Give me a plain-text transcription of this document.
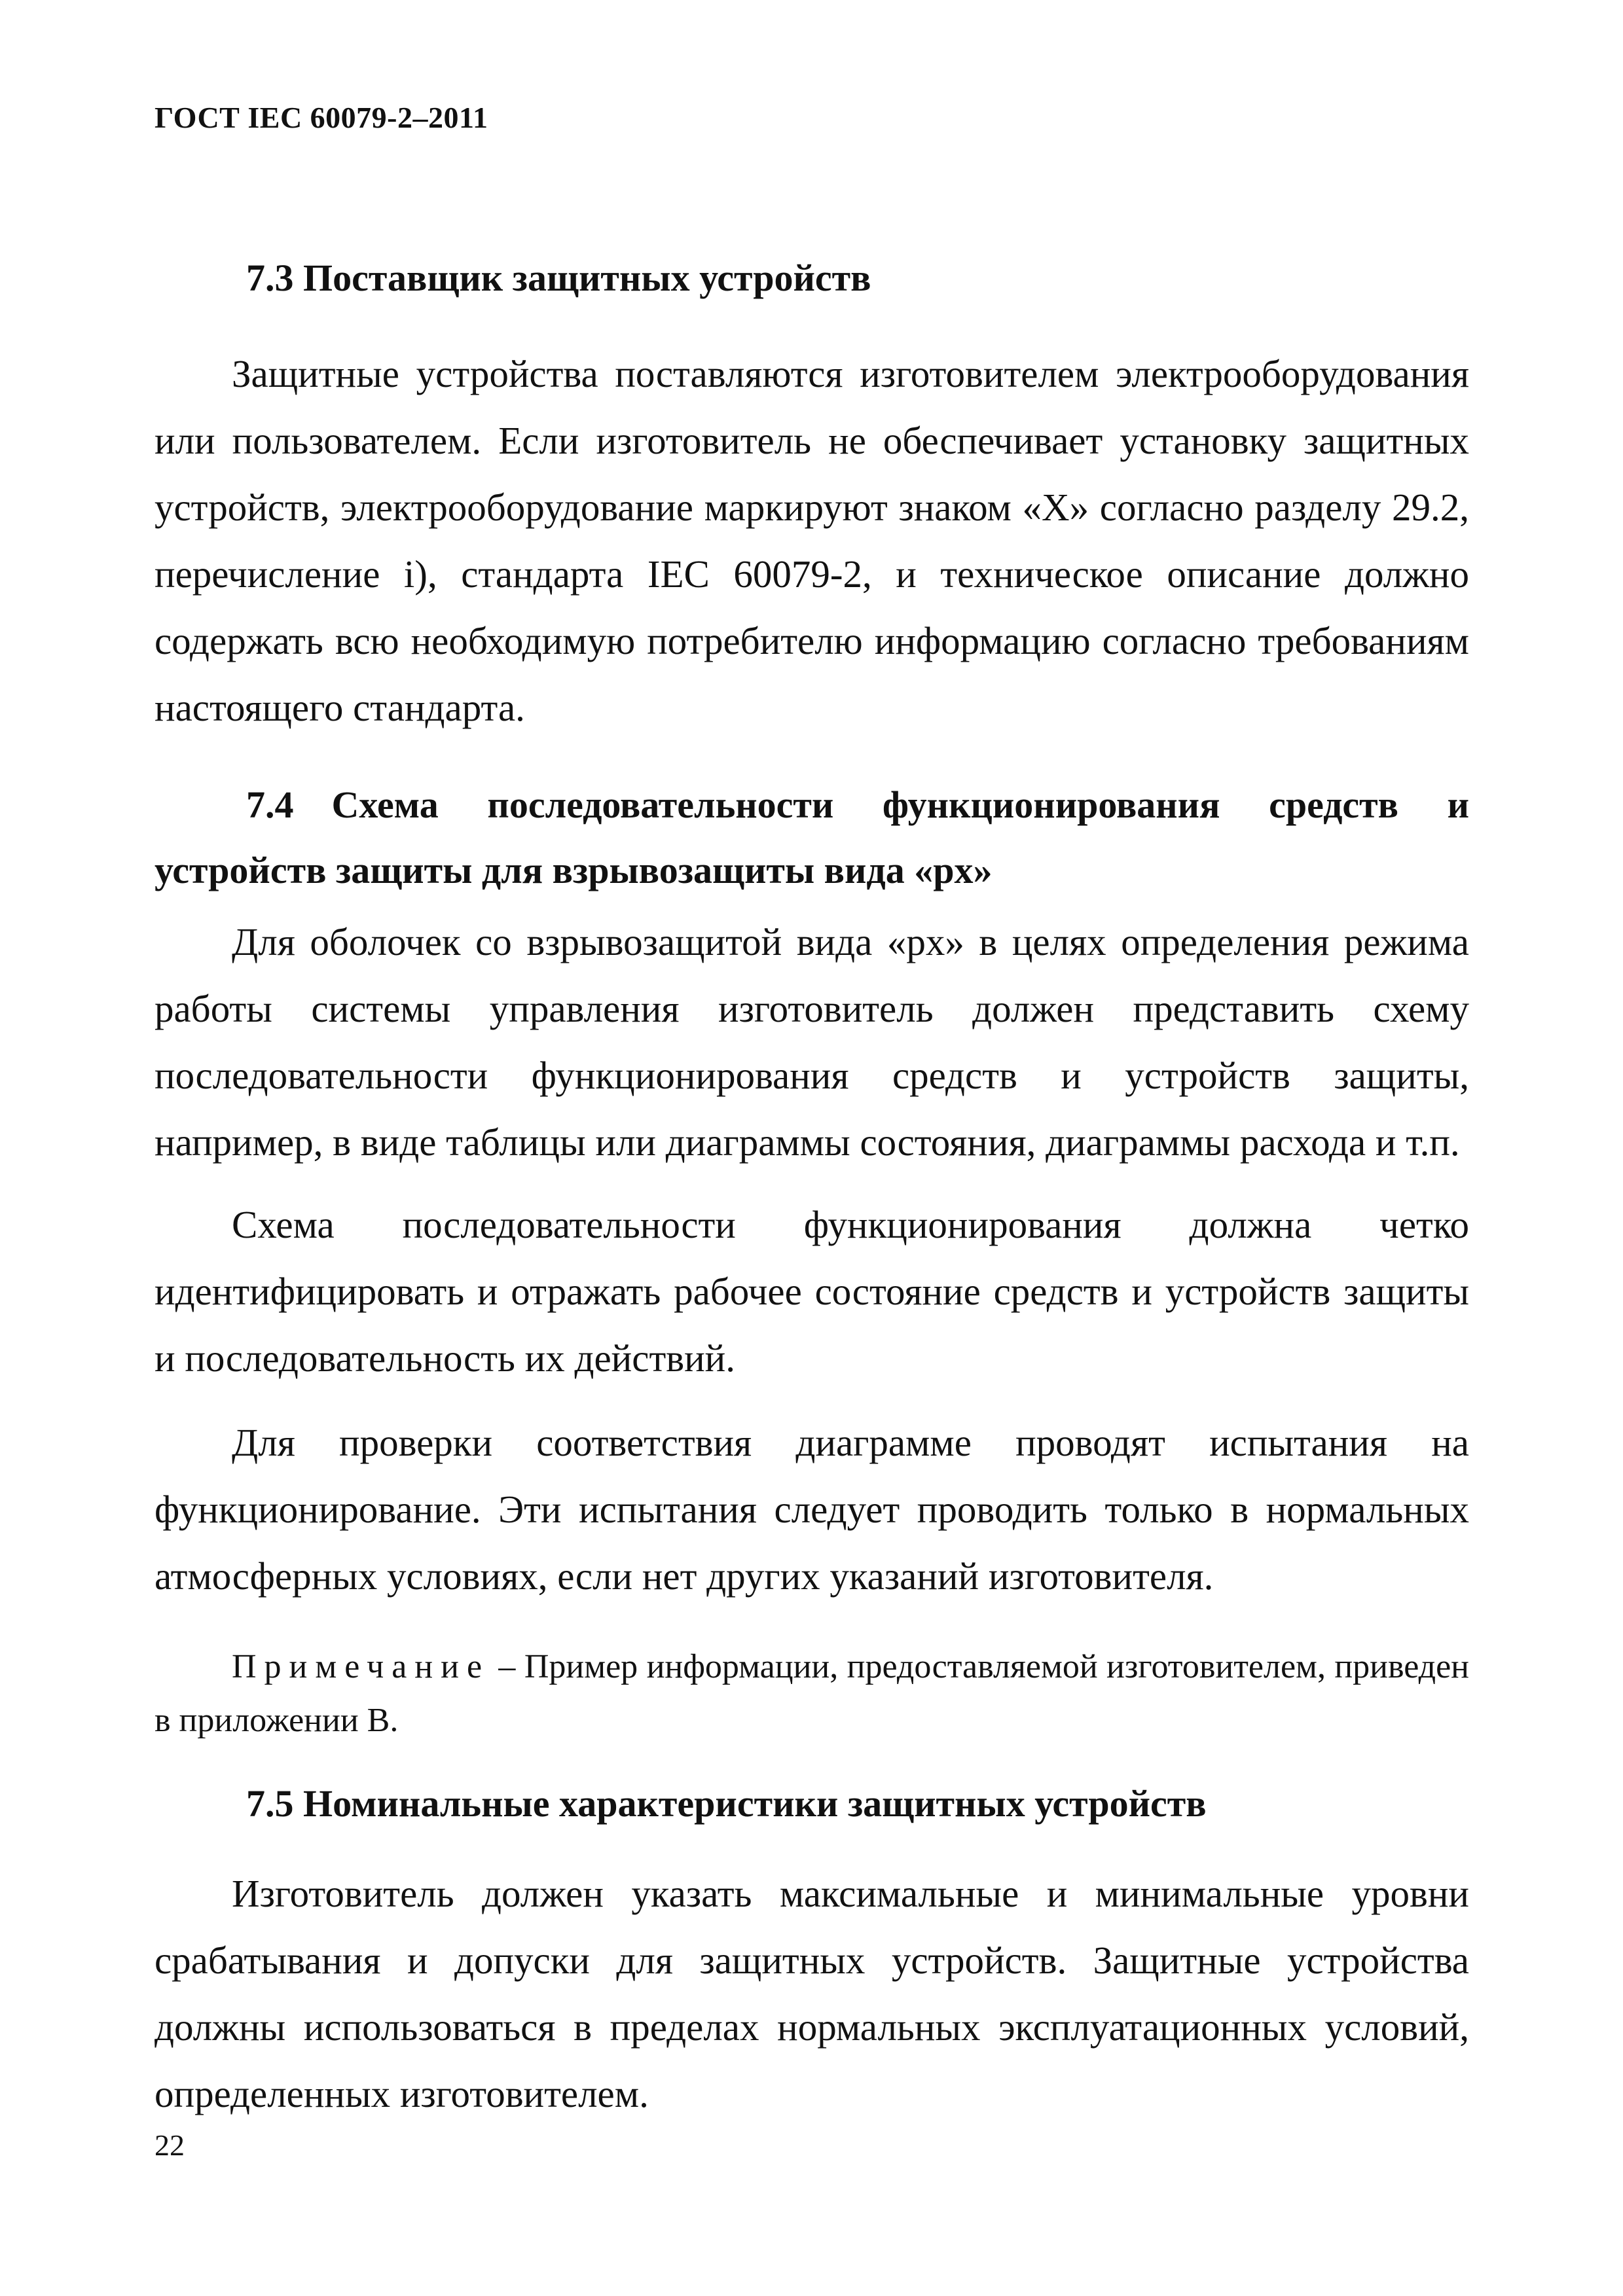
ГОСТ IEC 60079-2–2011
7.3 Поставщик защитных устройств

Защитные устройства поставляются изготовителем электрооборудования или пользователем. Если изготовитель не обеспечивает установку защитных устройств, электрооборудование маркируют знаком «X» согласно разделу 29.2, перечисление i), стандарта IEC 60079-2, и техническое описание должно содержать всю необходимую потребителю информацию согласно требованиям настоящего стандарта.

7.4 Схема последовательности функционирования средств и устройств защиты для взрывозащиты вида «px»

Для оболочек со взрывозащитой вида «px» в целях определения режима работы системы управления изготовитель должен представить схему последовательности функционирования средств и устройств защиты, например, в виде таблицы или диаграммы состояния, диаграммы расхода и т.п.

Схема последовательности функционирования должна четко идентифицировать и отражать рабочее состояние средств и устройств защиты и последовательность их действий.

Для проверки соответствия диаграмме проводят испытания на функционирование. Эти испытания следует проводить только в нормальных атмосферных условиях, если нет других указаний изготовителя.

Примечание – Пример информации, предоставляемой изготовителем, приведен в приложении B.

7.5 Номинальные характеристики защитных устройств

Изготовитель должен указать максимальные и минимальные уровни срабатывания и допуски для защитных устройств. Защитные устройства должны использоваться в пределах нормальных эксплуатационных условий, определенных изготовителем.

22
